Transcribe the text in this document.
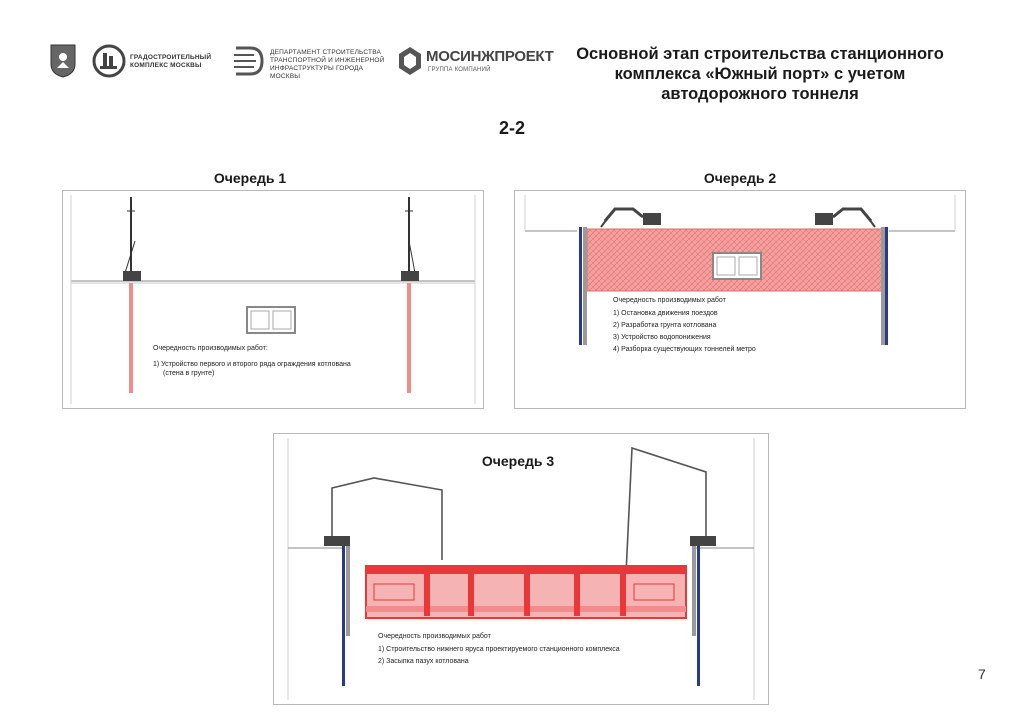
ГРАДОСТРОИТЕЛЬНЫЙ
КОМПЛЕКС МОСКВЫ
ДЕПАРТАМЕНТ СТРОИТЕЛЬСТВА
ТРАНСПОРТНОЙ И ИНЖЕНЕРНОЙ
ИНФРАСТРУКТУРЫ ГОРОДА МОСКВЫ
МОСИНЖПРОЕКТ
ГРУППА КОМПАНИЙ
Основной этап строительства станционного
комплекса «Южный порт» с учетом
автодорожного тоннеля
2-2
Очередь 1
Очередность производимых работ:
1) Устройство первого и второго ряда ограждения котлована
(стена в грунте)
Очередь 2
Очередность производимых работ
1) Остановка движения поездов
2) Разработка грунта котлована
3) Устройство водопонижения
4) Разборка существующих тоннелей метро
Очередь 3
Очередность производимых работ
1) Строительство нижнего яруса проектируемого станционного комплекса
2) Засыпка пазух котлована
7
